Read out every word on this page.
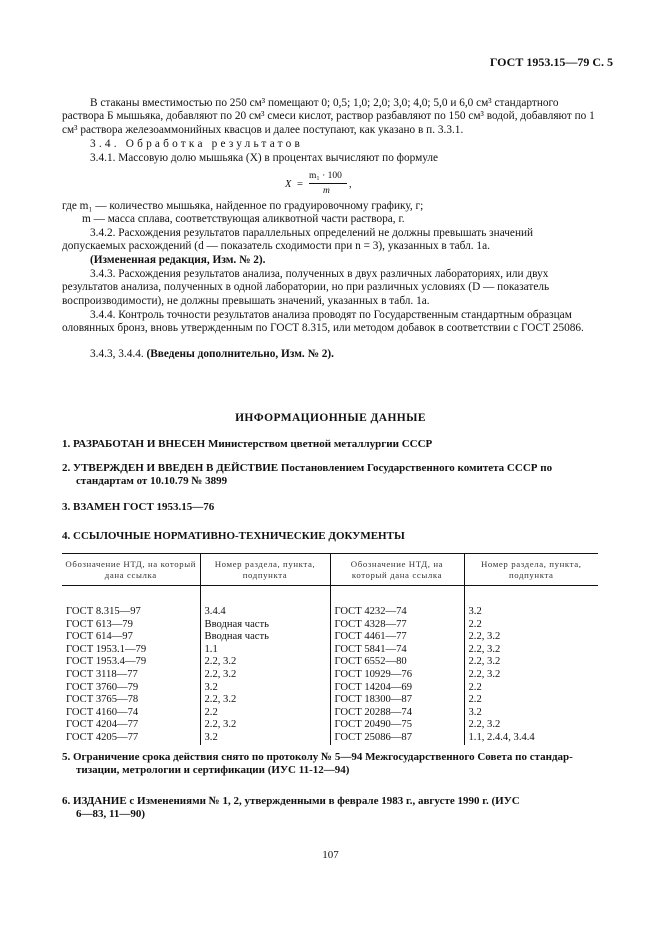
ГОСТ 1953.15—79 С. 5
В стаканы вместимостью по 250 см³ помещают 0; 0,5; 1,0; 2,0; 3,0; 4,0; 5,0 и 6,0 см³ стандартного раствора Б мышьяка, добавляют по 20 см³ смеси кислот, раствор разбавляют по 150 см³ водой, добавляют по 1 см³ раствора железоаммонийных квасцов и далее поступают, как указано в п. 3.3.1.
3.4. Обработка результатов
3.4.1. Массовую долю мышьяка (X) в процентах вычисляют по формуле
X =
m₁ · 100
m
,
где m₁ — количество мышьяка, найденное по градуировочному графику, г;
m — масса сплава, соответствующая аликвотной части раствора, г.
3.4.2. Расхождения результатов параллельных определений не должны превышать значений допускаемых расхождений (d — показатель сходимости при n = 3), указанных в табл. 1а.
(Измененная редакция, Изм. № 2).
3.4.3. Расхождения результатов анализа, полученных в двух различных лабораториях, или двух результатов анализа, полученных в одной лаборатории, но при различных условиях (D — показатель воспроизводимости), не должны превышать значений, указанных в табл. 1а.
3.4.4. Контроль точности результатов анализа проводят по Государственным стандартным образцам оловянных бронз, вновь утвержденным по ГОСТ 8.315, или методом добавок в соответствии с ГОСТ 25086.
3.4.3, 3.4.4. (Введены дополнительно, Изм. № 2).
ИНФОРМАЦИОННЫЕ ДАННЫЕ
1. РАЗРАБОТАН И ВНЕСЕН Министерством цветной металлургии СССР
2. УТВЕРЖДЕН И ВВЕДЕН В ДЕЙСТВИЕ Постановлением Государственного комитета СССР по
стандартам от 10.10.79 № 3899
3. ВЗАМЕН ГОСТ 1953.15—76
4. ССЫЛОЧНЫЕ НОРМАТИВНО-ТЕХНИЧЕСКИЕ ДОКУМЕНТЫ
Обозначение НТД, на который дана ссылка	Номер раздела, пункта, подпункта	Обозначение НТД, на который дана ссылка	Номер раздела, пункта, подпункта

ГОСТ 8.315—97	3.4.4	ГОСТ 4232—74	3.2
ГОСТ 613—79	Вводная часть	ГОСТ 4328—77	2.2
ГОСТ 614—97	Вводная часть	ГОСТ 4461—77	2.2, 3.2
ГОСТ 1953.1—79	1.1	ГОСТ 5841—74	2.2, 3.2
ГОСТ 1953.4—79	2.2, 3.2	ГОСТ 6552—80	2.2, 3.2
ГОСТ 3118—77	2.2, 3.2	ГОСТ 10929—76	2.2, 3.2
ГОСТ 3760—79	3.2	ГОСТ 14204—69	2.2
ГОСТ 3765—78	2.2, 3.2	ГОСТ 18300—87	2.2
ГОСТ 4160—74	2.2	ГОСТ 20288—74	3.2
ГОСТ 4204—77	2.2, 3.2	ГОСТ 20490—75	2.2, 3.2
ГОСТ 4205—77	3.2	ГОСТ 25086—87	1.1, 2.4.4, 3.4.4
5. Ограничение срока действия снято по протоколу № 5—94 Межгосударственного Совета по стандар-
тизации, метрологии и сертификации (ИУС 11-12—94)
6. ИЗДАНИЕ с Изменениями № 1, 2, утвержденными в феврале 1983 г., августе 1990 г. (ИУС
6—83, 11—90)
107
